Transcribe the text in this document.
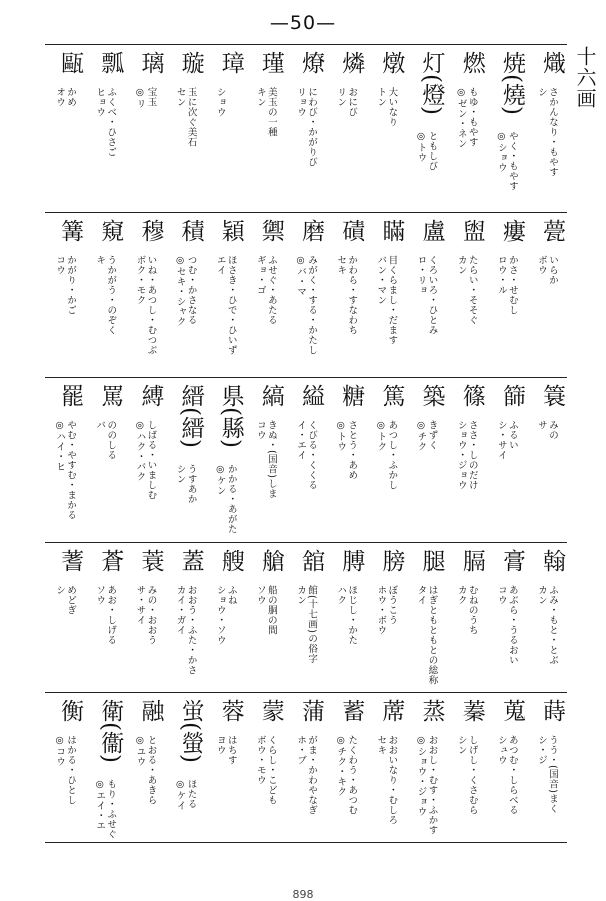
—50—
十六画
熾
シ さかんなり・もやす
焼(燒)
◎ショウ やく・もやす
燃
◎ゼン・ネン もゆ・もやす
灯(燈)
◎トウ ともしび
燉
トン 大いなり
燐
リン おにび
燎
リョウ にわび・かがりび
瑾
キン 美玉の一種
璋
ショウ
璇
セン 玉に次ぐ美石
璃
◎リ 宝玉
瓢
ヒョウ ふくべ・ひさご
甌
オウ かめ
甍
ボウ いらか
瘻
ロウ・ル かさ・せむし
盥
カン たらい・そそぐ
盧
ロ・リョ くろいろ・ひとみ
瞞
バン・マン 目くらまし・だます
磧
セキ かわら・すなわち
磨
◎バ・マ みがく・する・かたし
禦
ギョ・ゴ ふせぐ・あたる
穎
エイ ほさき・ひで・ひいず
積
◎セキ・シャク つむ・かさなる
穆
ボク・モク いね・あつし・むつぶ
窺
キ うかがう・のぞく
篝
コウ かがり・かご
簑
サ みの
篩
シ・サイ ふるい
篠
ショウ・ジョウ ささ・しのだけ
築
◎チク きずく
篤
◎トク あつし・ふかし
糖
◎トウ さとう・あめ
縊
イ・エイ くびる・くくる
縞
コウ きぬ・(国音)しま
県(縣)
◎ケン かかる・あがた
縉(縉)
シン うすあか
縛
◎ハク・バク しばる・いましむ
罵
バ ののしる
罷
◎ハイ・ヒ やむ・やすむ・まかる
翰
カン ふみ・もと・とぶ
膏
コウ あぶら・うるおい
膈
カク むねのうち
腿
タイ はぎともともとの総称
膀
ホウ・ボウ ぼうこう
膊
ハク ほじし・かた
舘
カン 館(十七画)の俗字
艙
ソウ 船の胴の間
艘
ショウ・ソウ ふね
蓋
カイ・ガイ おおう・ふた・かさ
蓑
サ・サイ みの・おおう
蒼
ソウ あお・しげる
蓍
シ めどぎ
蒔
シ・ジ うう・(国音)まく
蒐
シュウ あつむ・しらべる
蓁
シン しげし・くさむら
蒸
◎ショウ・ジョウ おおし・むす・ふかす
蓆
セキ おおいなり・むしろ
蓄
◎チク・キク たくわう・あつむ
蒲
ホ・ブ がま・かわやなぎ
蒙
ボウ・モウ くらし・こども
蓉
ヨウ はちす
蛍(螢)
◎ケイ ほたる
融
◎ユウ とおる・あきら
衛(衞)
◎エイ・エ もり・ふせぐ
衡
◎コウ はかる・ひとし
898
